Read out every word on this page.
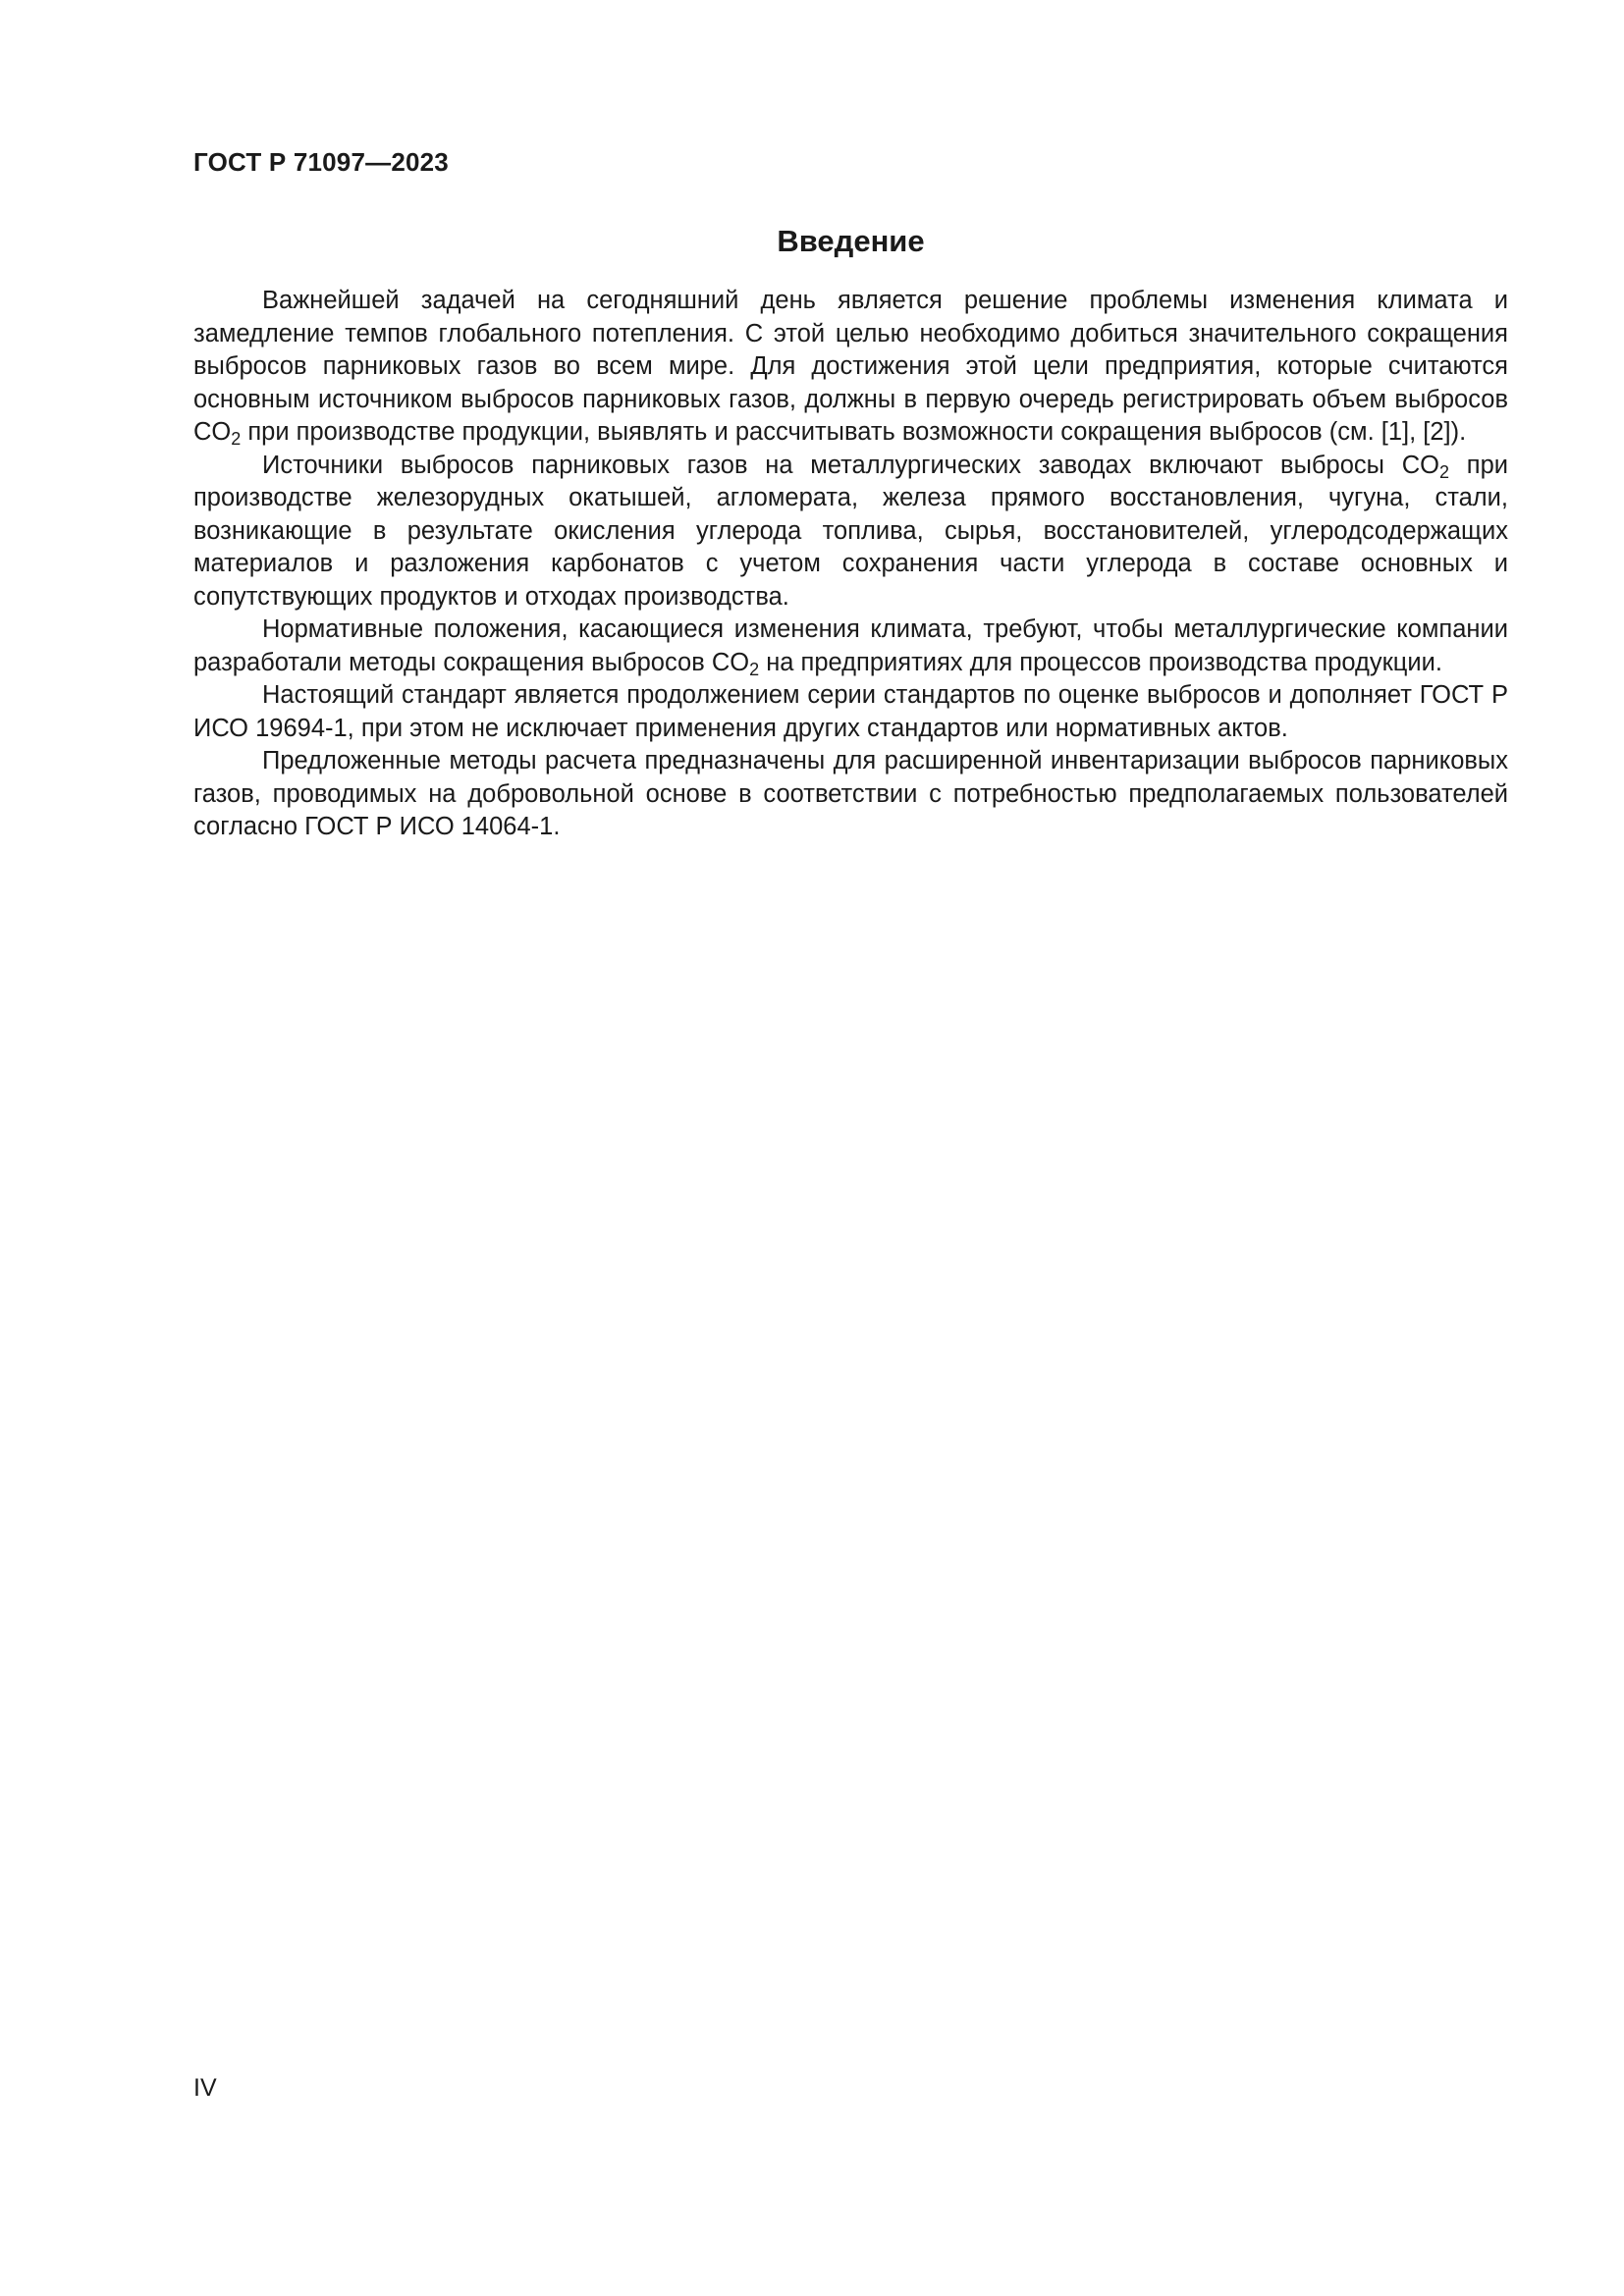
ГОСТ Р 71097—2023
Введение

Важнейшей задачей на сегодняшний день является решение проблемы изменения климата и замедление темпов глобального потепления. С этой целью необходимо добиться значительного сокращения выбросов парниковых газов во всем мире. Для достижения этой цели предприятия, которые считаются основным источником выбросов парниковых газов, должны в первую очередь регистрировать объем выбросов $CO_2$ при производстве продукции, выявлять и рассчитывать возможности сокращения выбросов (см. [1], [2]).

Источники выбросов парниковых газов на металлургических заводах включают выбросы $CO_2$ при производстве железорудных окатышей, агломерата, железа прямого восстановления, чугуна, стали, возникающие в результате окисления углерода топлива, сырья, восстановителей, углеродсодержащих материалов и разложения карбонатов с учетом сохранения части углерода в составе основных и сопутствующих продуктов и отходах производства.

Нормативные положения, касающиеся изменения климата, требуют, чтобы металлургические компании разработали методы сокращения выбросов $CO_2$ на предприятиях для процессов производства продукции.

Настоящий стандарт является продолжением серии стандартов по оценке выбросов и дополняет ГОСТ Р ИСО 19694-1, при этом не исключает применения других стандартов или нормативных актов.

Предложенные методы расчета предназначены для расширенной инвентаризации выбросов парниковых газов, проводимых на добровольной основе в соответствии с потребностью предполагаемых пользователей согласно ГОСТ Р ИСО 14064-1.

IV
